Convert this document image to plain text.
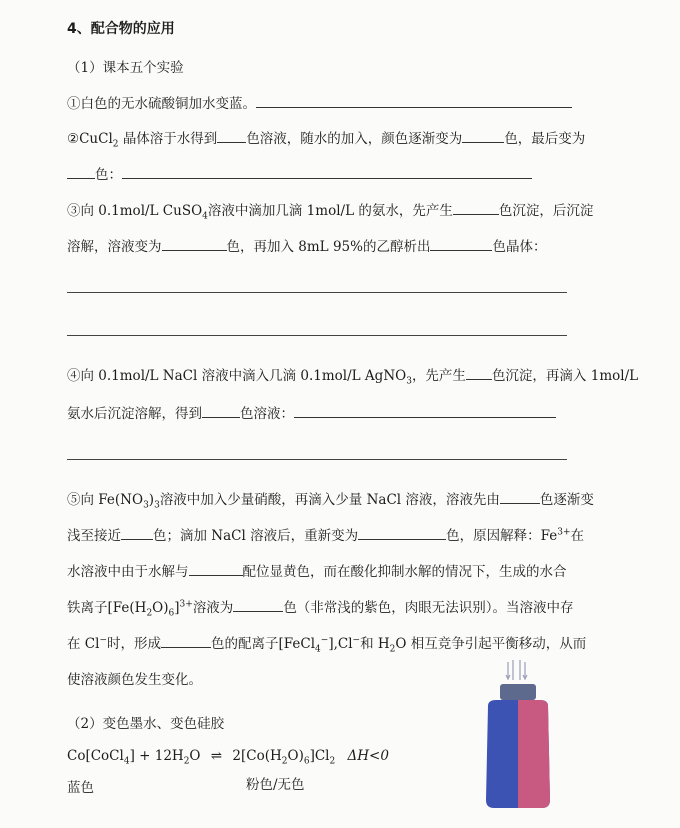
4、配合物的应用
（1）课本五个实验
①白色的无水硫酸铜加水变蓝。
②CuCl$_2$ 晶体溶于水得到 色溶液，随水的加入，颜色逐渐变为	色，最后变为
色：
③向 0.1mol/L CuSO$_4$溶液中滴加几滴 1mol/L 的氨水，先产生	色沉淀，后沉淀
溶解，溶液变为	色，再加入 8mL 95%的乙醇析出	色晶体：
④向 0.1mol/L NaCl 溶液中滴入几滴 0.1mol/L AgNO$_3$，先产生 色沉淀，再滴入 1mol/L
氨水后沉淀溶解，得到	色溶液：
⑤向 $Fe(NO_3)_3$溶液中加入少量硝酸，再滴入少量 NaCl 溶液，溶液先由	色逐渐变
浅至接近 色；滴加 NaCl 溶液后，重新变为	色，原因解释：$Fe^{3+}$在
水溶液中由于水解与	配位显黄色，而在酸化抑制水解的情况下，生成的水合
铁离子$[Fe(H_2O)_6]^{3+}$溶液为	色（非常浅的紫色，肉眼无法识别）。当溶液中存
在 Cl−时，形成	色的配离子[FeCl$_4$−],Cl−和 $H_2O$ 相互竞争引起平衡移动，从而
使溶液颜色发生变化。
（2）变色墨水、变色硅胶
Co[CoCl$_4$] + $12H_2O$ ⇌ $2[Co(H_2O)_6]Cl_2$ ΔH<0
蓝色	粉色/无色
